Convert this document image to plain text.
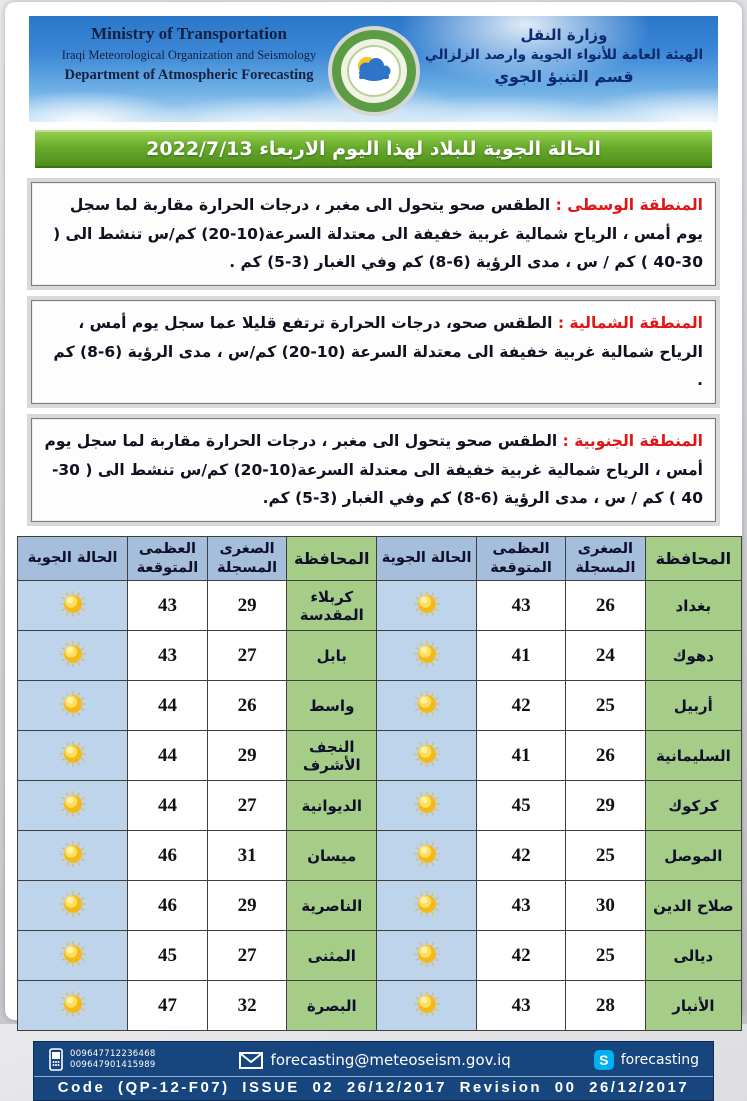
Ministry of Transportation
Iraqi Meteorological Organization and Seismology
Department of Atmospheric Forecasting
وزارة النقل
الهيئة العامة للأنواء الجوية وارصد الزلزالي
قسم التنبؤ الجوي
الحالة الجوية للبلاد لهذا اليوم الاربعاء 2022/7/13
المنطقة الوسطى : الطقس صحو يتحول الى مغبر ، درجات الحرارة مقاربة لما سجل يوم أمس ، الرياح شمالية غربية خفيفة الى معتدلة السرعة(10-20) كم/س تنشط الى ( 30-40 ) كم / س ، مدى الرؤية (6-8) كم وفي الغبار (3-5) كم .
المنطقة الشمالية : الطقس صحو، درجات الحرارة ترتفع قليلا عما سجل يوم أمس ، الرياح شمالية غربية خفيفة الى معتدلة السرعة (10-20) كم/س ، مدى الرؤية (6-8) كم .
المنطقة الجنوبية : الطقس صحو يتحول الى مغبر ، درجات الحرارة مقاربة لما سجل يوم أمس ، الرياح شمالية غربية خفيفة الى معتدلة السرعة(10-20) كم/س تنشط الى ( 30-40 ) كم / س ، مدى الرؤية (6-8) كم وفي الغبار (3-5) كم.
المحافظة	الصغرى المسجلة	العظمى المتوقعة	الحالة الجوية	المحافظة	الصغرى المسجلة	العظمى المتوقعة	الحالة الجوية
بغداد	26	43		كربلاء المقدسة	29	43	
دهوك	24	41		بابل	27	43	
أربيل	25	42		واسط	26	44	
السليمانية	26	41		النجف الأشرف	29	44	
كركوك	29	45		الديوانية	27	44	
الموصل	25	42		ميسان	31	46	
صلاح الدين	30	43		الناصرية	29	46	
ديالى	25	42		المثنى	27	45	
الأنبار	28	43		البصرة	32	47	
009647712236468
009647901415989	forecasting@meteoseism.gov.iq	S forecasting
Code (QP-12-F07) ISSUE 02 26/12/2017 Revision 00 26/12/2017
